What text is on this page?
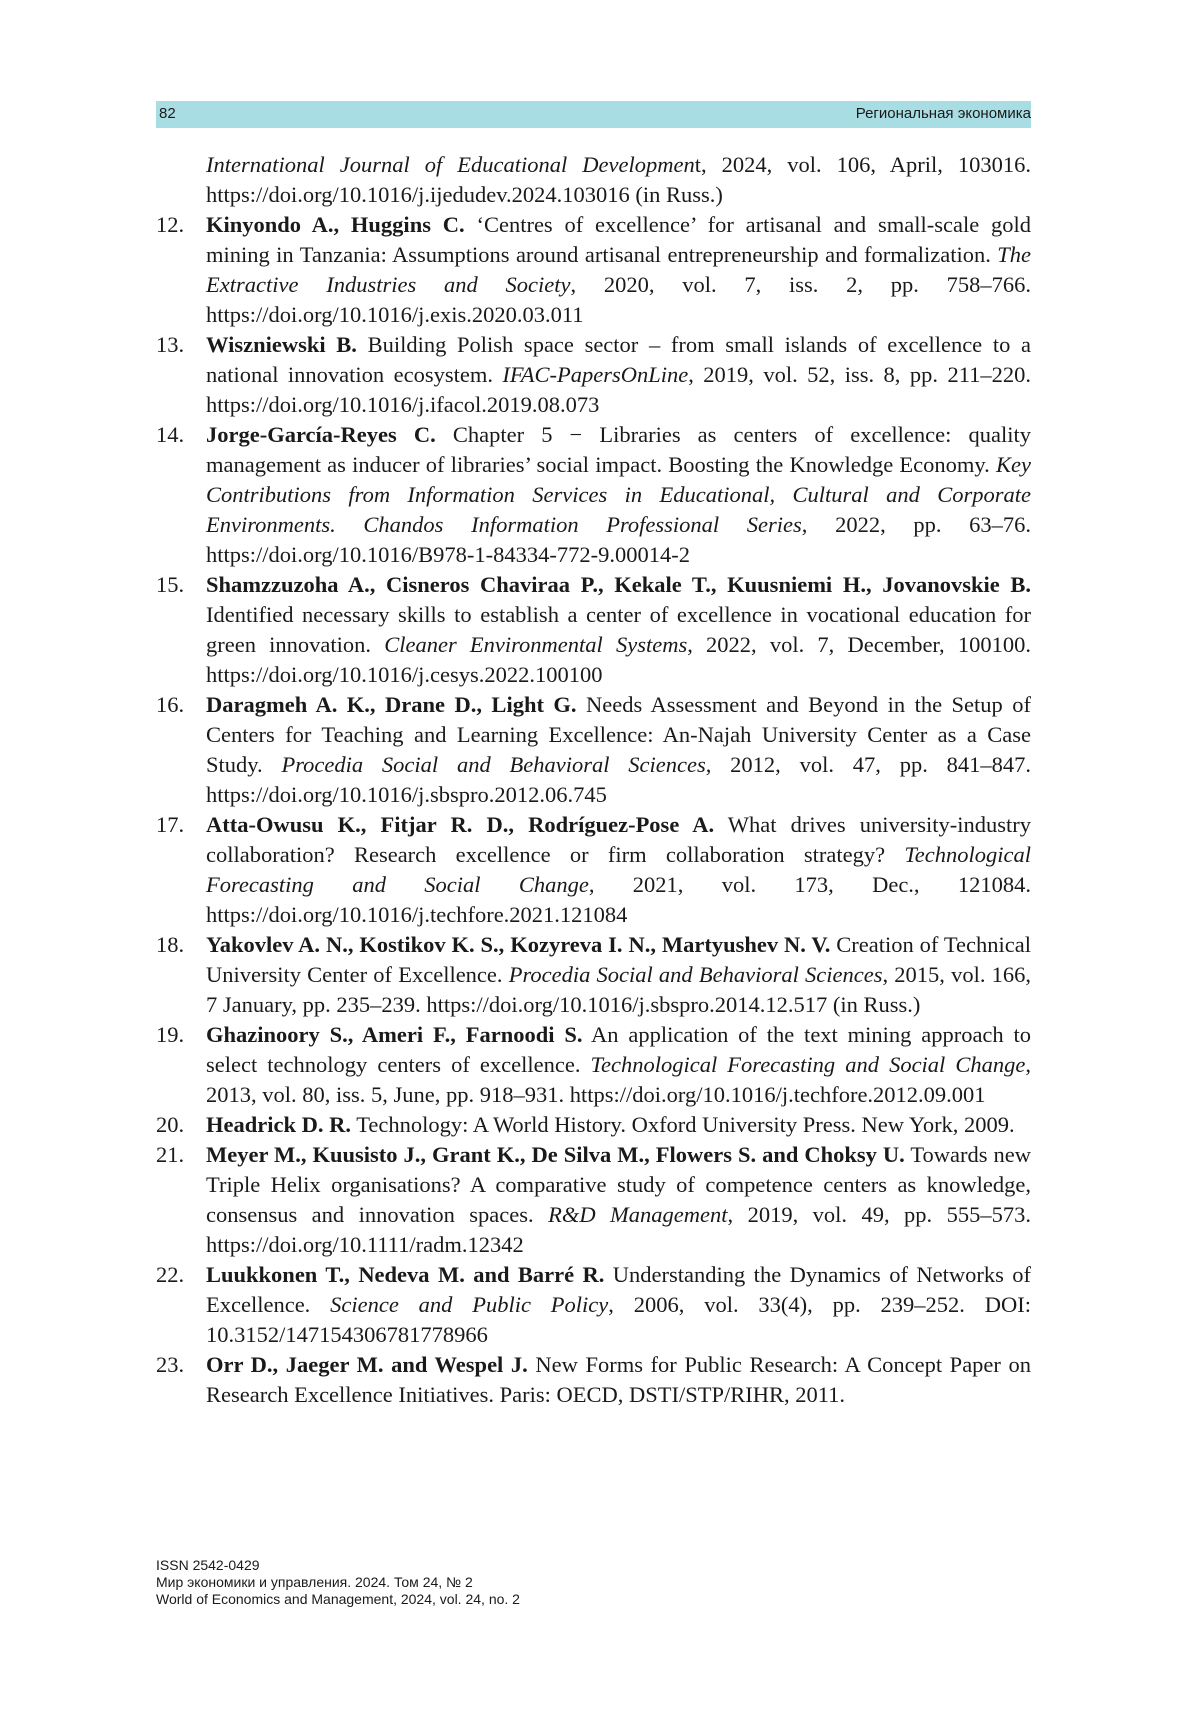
82	Региональная экономика
International Journal of Educational Development, 2024, vol. 106, April, 103016. https://doi.org/10.1016/j.ijedudev.2024.103016 (in Russ.)
12. Kinyondo A., Huggins C. ‘Centres of excellence’ for artisanal and small-scale gold mining in Tanzania: Assumptions around artisanal entrepreneurship and formalization. The Extractive Industries and Society, 2020, vol. 7, iss. 2, pp. 758–766. https://doi.org/10.1016/j.exis.2020.03.011
13. Wiszniewski B. Building Polish space sector – from small islands of excellence to a national innovation ecosystem. IFAC-PapersOnLine, 2019, vol. 52, iss. 8, pp. 211–220. https://doi.org/10.1016/j.ifacol.2019.08.073
14. Jorge-García-Reyes C. Chapter 5 − Libraries as centers of excellence: quality management as inducer of libraries’ social impact. Boosting the Knowledge Economy. Key Contributions from Information Services in Educational, Cultural and Corporate Environments. Chandos Information Professional Series, 2022, pp. 63–76. https://doi.org/10.1016/B978-1-84334-772-9.00014-2
15. Shamzzuzoha A., Cisneros Chaviraa P., Kekale T., Kuusniemi H., Jovanovskie B. Identified necessary skills to establish a center of excellence in vocational education for green innovation. Cleaner Environmental Systems, 2022, vol. 7, December, 100100. https://doi.org/10.1016/j.cesys.2022.100100
16. Daragmeh A. K., Drane D., Light G. Needs Assessment and Beyond in the Setup of Centers for Teaching and Learning Excellence: An-Najah University Center as a Case Study. Procedia Social and Behavioral Sciences, 2012, vol. 47, pp. 841–847. https://doi.org/10.1016/j.sbspro.2012.06.745
17. Atta-Owusu K., Fitjar R. D., Rodríguez-Pose A. What drives university-industry collaboration? Research excellence or firm collaboration strategy? Technological Forecasting and Social Change, 2021, vol. 173, Dec., 121084. https://doi.org/10.1016/j.techfore.2021.121084
18. Yakovlev A. N., Kostikov K. S., Kozyreva I. N., Martyushev N. V. Creation of Technical University Center of Excellence. Procedia Social and Behavioral Sciences, 2015, vol. 166, 7 January, pp. 235–239. https://doi.org/10.1016/j.sbspro.2014.12.517 (in Russ.)
19. Ghazinoory S., Ameri F., Farnoodi S. An application of the text mining approach to select technology centers of excellence. Technological Forecasting and Social Change, 2013, vol. 80, iss. 5, June, pp. 918–931. https://doi.org/10.1016/j.techfore.2012.09.001
20. Headrick D. R. Technology: A World History. Oxford University Press. New York, 2009.
21. Meyer M., Kuusisto J., Grant K., De Silva M., Flowers S. and Choksy U. Towards new Triple Helix organisations? A comparative study of competence centers as knowledge, consensus and innovation spaces. R&D Management, 2019, vol. 49, pp. 555–573. https://doi.org/10.1111/radm.12342
22. Luukkonen T., Nedeva M. and Barré R. Understanding the Dynamics of Networks of Excellence. Science and Public Policy, 2006, vol. 33(4), pp. 239–252. DOI: 10.3152/147154306781778966
23. Orr D., Jaeger M. and Wespel J. New Forms for Public Research: A Concept Paper on Research Excellence Initiatives. Paris: OECD, DSTI/STP/RIHR, 2011.
ISSN 2542-0429
Мир экономики и управления. 2024. Том 24, № 2
World of Economics and Management, 2024, vol. 24, no. 2
